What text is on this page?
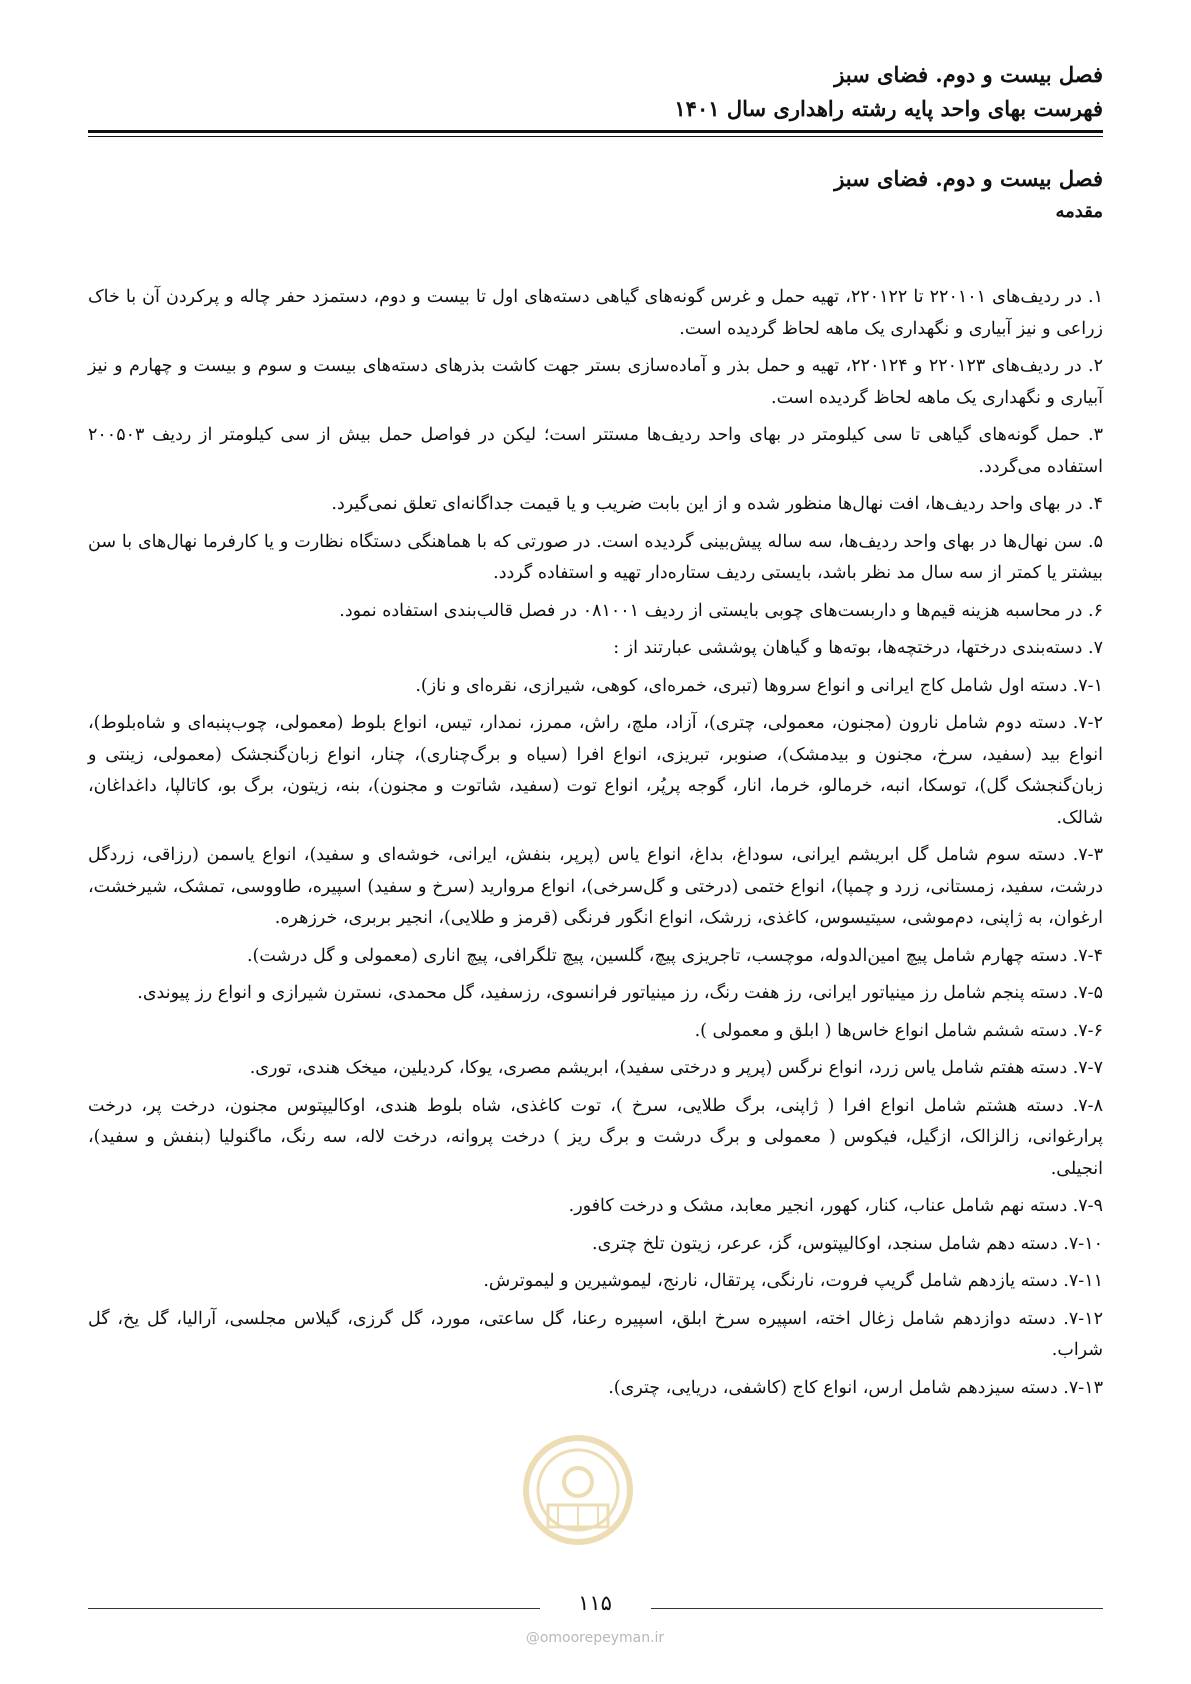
فصل بیست و دوم. فضای سبز
فهرست بهای واحد پایه رشته راهداری سال ۱۴۰۱
فصل بیست و دوم. فضای سبز
مقدمه

۱. در ردیف‌های ۲۲۰۱۰۱ تا ۲۲۰۱۲۲، تهیه حمل و غرس گونه‌های گیاهی دسته‌های اول تا بیست و دوم، دستمزد حفر چاله و پرکردن آن با خاک زراعی و نیز آبیاری و نگهداری یک ماهه لحاظ گردیده است.

۲. در ردیف‌های ۲۲۰۱۲۳ و ۲۲۰۱۲۴، تهیه و حمل بذر و آماده‌سازی بستر جهت کاشت بذرهای دسته‌های بیست و سوم و بیست و چهارم و نیز آبیاری و نگهداری یک ماهه لحاظ گردیده است.

۳. حمل گونه‌های گیاهی تا سی کیلومتر در بهای واحد ردیف‌ها مستتر است؛ لیکن در فواصل حمل بیش از سی کیلومتر از ردیف ۲۰۰۵۰۳ استفاده می‌گردد.

۴. در بهای واحد ردیف‌ها، افت نهال‌ها منظور شده و از این بابت ضریب و یا قیمت جداگانه‌ای تعلق نمی‌گیرد.

۵. سن نهال‌ها در بهای واحد ردیف‌ها، سه ساله پیش‌بینی گردیده است. در صورتی که با هماهنگی دستگاه نظارت و یا کارفرما نهال‌های با سن بیشتر یا کمتر از سه سال مد نظر باشد، بایستی ردیف ستاره‌دار تهیه و استفاده گردد.

۶. در محاسبه هزینه قیم‌ها و داربست‌های چوبی بایستی از ردیف ۰۸۱۰۰۱ در فصل قالب‌بندی استفاده نمود.

۷. دسته‌بندی درختها، درختچه‌ها، بوته‌ها و گیاهان پوششی عبارتند از :

۷-۱. دسته اول شامل کاج ایرانی و انواع سروها (تبری، خمره‌ای، کوهی، شیرازی، نقره‌ای و ناز).

۷-۲. دسته دوم شامل نارون (مجنون، معمولی، چتری)، آزاد، ملچ، راش، ممرز، نمدار، تیس، انواع بلوط (معمولی، چوب‌پنبه‌ای و شاه‌بلوط)، انواع بید (سفید، سرخ، مجنون و بیدمشک)، صنوبر، تبریزی، انواع افرا (سیاه و برگ‌چناری)، چنار، انواع زبان‌گنجشک (معمولی، زینتی و زبان‌گنجشک گل)، توسکا، انبه، خرمالو، خرما، انار، گوجه پرپُر، انواع توت (سفید، شاتوت و مجنون)، بنه، زیتون، برگ بو، کاتالپا، داغداغان، شالک.

۷-۳. دسته سوم شامل گل ابریشم ایرانی، سوداغ، بداغ، انواع یاس (پرپر، بنفش، ایرانی، خوشه‌ای و سفید)، انواع یاسمن (رزاقی، زردگل درشت، سفید، زمستانی، زرد و چمپا)، انواع ختمی (درختی و گل‌سرخی)، انواع مروارید (سرخ و سفید) اسپیره، طاووسی، تمشک، شیرخشت، ارغوان، به ژاپنی، دم‌موشی، سیتیسوس، کاغذی، زرشک، انواع انگور فرنگی (قرمز و طلایی)، انجیر بربری، خرزهره.

۷-۴. دسته چهارم شامل پیچ امین‌الدوله، موچسب، تاجریزی پیچ، گلسین، پیچ تلگرافی، پیچ اناری (معمولی و گل درشت).

۷-۵. دسته پنجم شامل رز مینیاتور ایرانی، رز هفت رنگ، رز مینیاتور فرانسوی، رزسفید، گل محمدی، نسترن شیرازی و انواع رز پیوندی.

۷-۶. دسته ششم شامل انواع خاس‌ها ( ابلق و معمولی ).

۷-۷. دسته هفتم شامل یاس زرد، انواع نرگس (پرپر و درختی سفید)، ابریشم مصری، یوکا، کردیلین، میخک هندی، توری.

۷-۸. دسته هشتم شامل انواع افرا ( ژاپنی، برگ طلایی، سرخ )، توت کاغذی، شاه بلوط هندی، اوکالیپتوس مجنون، درخت پر، درخت پرارغوانی، زالزالک، ازگیل، فیکوس ( معمولی و برگ درشت و برگ ریز ) درخت پروانه، درخت لاله، سه رنگ، ماگنولیا (بنفش و سفید)، انجیلی.

۷-۹. دسته نهم شامل عناب، کنار، کهور، انجیر معابد، مشک و درخت کافور.

۷-۱۰. دسته دهم شامل سنجد، اوکالیپتوس، گز، عرعر، زیتون تلخ چتری.

۷-۱۱. دسته یازدهم شامل گریپ فروت، نارنگی، پرتقال، نارنج، لیموشیرین و لیموترش.

۷-۱۲. دسته دوازدهم شامل زغال اخته، اسپیره سرخ ابلق، اسپیره رعنا، گل ساعتی، مورد، گل گرزی، گیلاس مجلسی، آرالیا، گل یخ، گل شراب.

۷-۱۳. دسته سیزدهم شامل ارس، انواع کاج (کاشفی، دریایی، چتری).

۱۱۵
@omoorepeyman.ir
